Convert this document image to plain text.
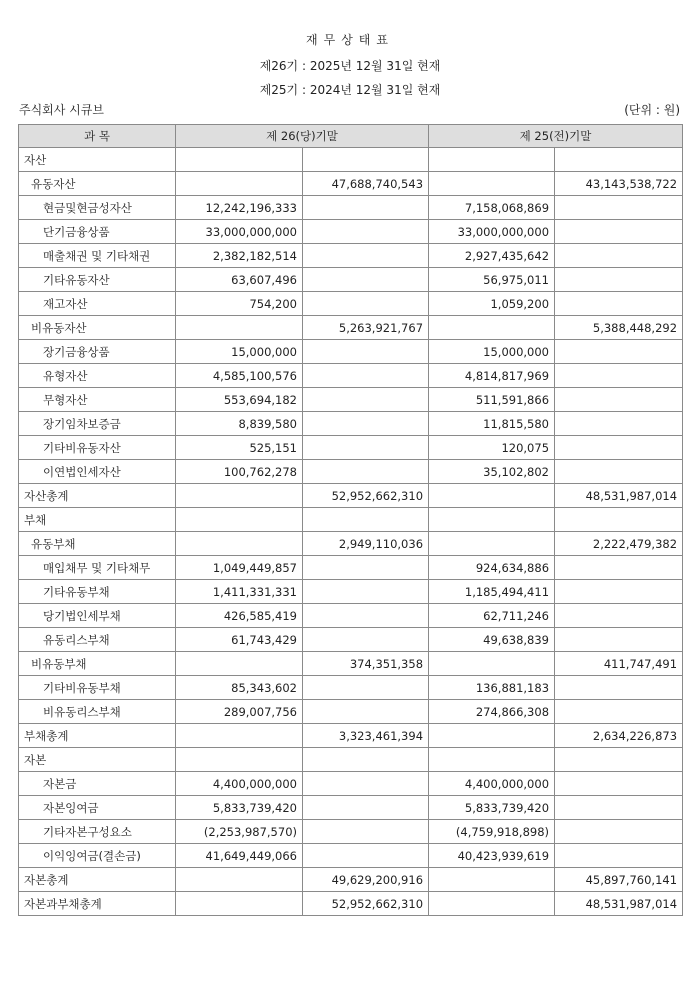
재무상태표
제26기 : 2025년 12월 31일 현재
제25기 : 2024년 12월 31일 현재
주식회사 시큐브	(단위 : 원)
과 목	제 26(당)기말		제 25(전)기말	
자산				
유동자산		47,688,740,543		43,143,538,722
현금및현금성자산	12,242,196,333		7,158,068,869	
단기금융상품	33,000,000,000		33,000,000,000	
매출채권 및 기타채권	2,382,182,514		2,927,435,642	
기타유동자산	63,607,496		56,975,011	
재고자산	754,200		1,059,200	
비유동자산		5,263,921,767		5,388,448,292
장기금융상품	15,000,000		15,000,000	
유형자산	4,585,100,576		4,814,817,969	
무형자산	553,694,182		511,591,866	
장기임차보증금	8,839,580		11,815,580	
기타비유동자산	525,151		120,075	
이연법인세자산	100,762,278		35,102,802	
자산총계		52,952,662,310		48,531,987,014
부채				
유동부채		2,949,110,036		2,222,479,382
매입채무 및 기타채무	1,049,449,857		924,634,886	
기타유동부채	1,411,331,331		1,185,494,411	
당기법인세부채	426,585,419		62,711,246	
유동리스부채	61,743,429		49,638,839	
비유동부채		374,351,358		411,747,491
기타비유동부채	85,343,602		136,881,183	
비유동리스부채	289,007,756		274,866,308	
부채총계		3,323,461,394		2,634,226,873
자본				
자본금	4,400,000,000		4,400,000,000	
자본잉여금	5,833,739,420		5,833,739,420	
기타자본구성요소	(2,253,987,570)		(4,759,918,898)	
이익잉여금(결손금)	41,649,449,066		40,423,939,619	
자본총계		49,629,200,916		45,897,760,141
자본과부채총계		52,952,662,310		48,531,987,014
